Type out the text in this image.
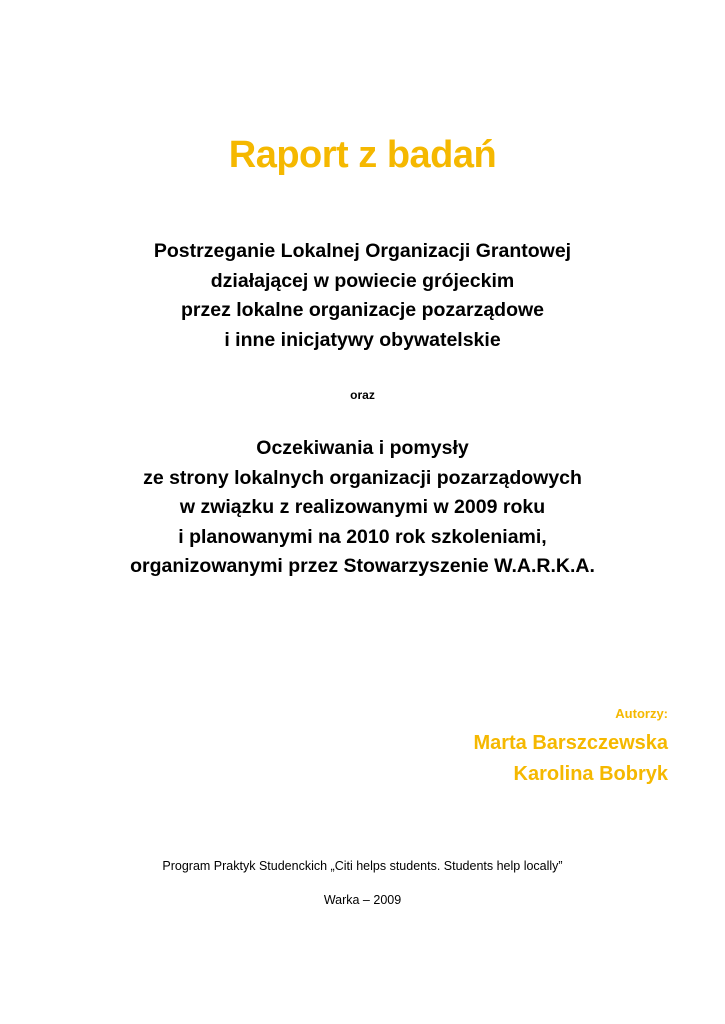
Raport z badań
Postrzeganie Lokalnej Organizacji Grantowej
działającej w powiecie grójeckim
przez lokalne organizacje pozarządowe
i inne inicjatywy obywatelskie
oraz
Oczekiwania i pomysły
ze strony lokalnych organizacji pozarządowych
w związku z realizowanymi w 2009 roku
i planowanymi na 2010 rok szkoleniami,
organizowanymi przez Stowarzyszenie W.A.R.K.A.
Autorzy:
Marta Barszczewska
Karolina Bobryk
Program Praktyk Studenckich „Citi helps students. Students help locally”
Warka – 2009
